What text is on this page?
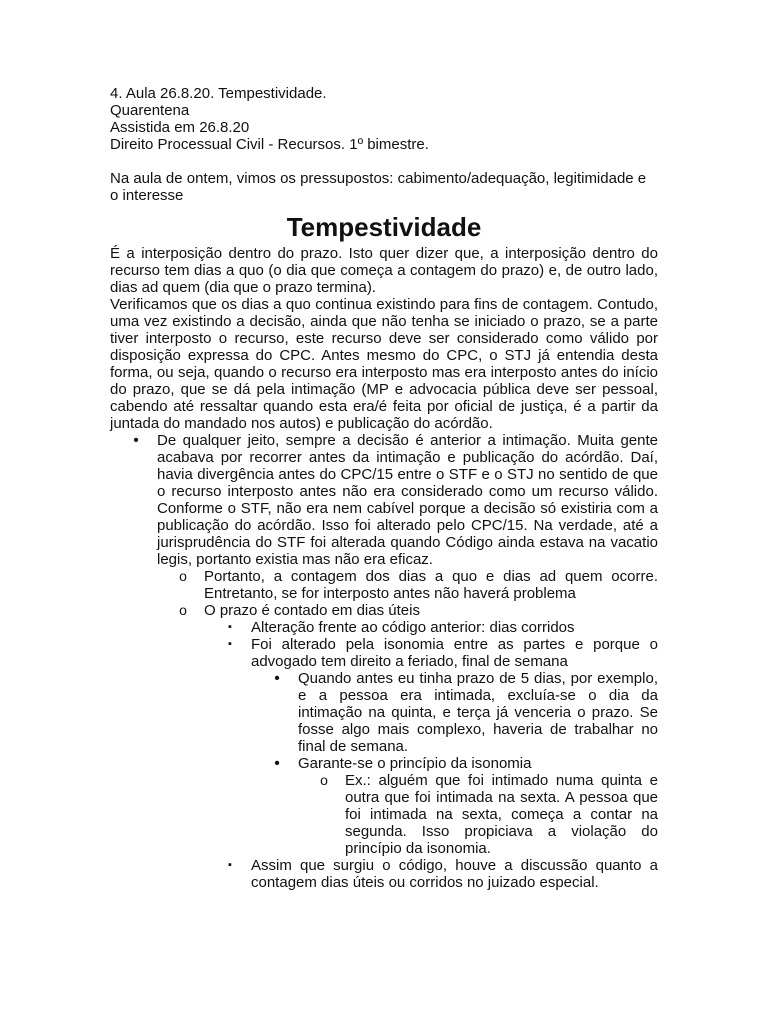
4. Aula 26.8.20. Tempestividade.

Quarentena

Assistida em 26.8.20

Direito Processual Civil - Recursos. 1º bimestre.

Na aula de ontem, vimos os pressupostos: cabimento/adequação, legitimidade e o interesse

Tempestividade

É a interposição dentro do prazo. Isto quer dizer que, a interposição dentro do recurso tem dias a quo (o dia que começa a contagem do prazo) e, de outro lado, dias ad quem (dia que o prazo termina).

Verificamos que os dias a quo continua existindo para fins de contagem. Contudo, uma vez existindo a decisão, ainda que não tenha se iniciado o prazo, se a parte tiver interposto o recurso, este recurso deve ser considerado como válido por disposição expressa do CPC. Antes mesmo do CPC, o STJ já entendia desta forma, ou seja, quando o recurso era interposto mas era interposto antes do início do prazo, que se dá pela intimação (MP e advocacia pública deve ser pessoal, cabendo até ressaltar quando esta era/é feita por oficial de justiça, é a partir da juntada do mandado nos autos) e publicação do acórdão.

•	De qualquer jeito, sempre a decisão é anterior a intimação. Muita gente acabava por recorrer antes da intimação e publicação do acórdão. Daí, havia divergência antes do CPC/15 entre o STF e o STJ no sentido de que o recurso interposto antes não era considerado como um recurso válido. Conforme o STF, não era nem cabível porque a decisão só existiria com a publicação do acórdão. Isso foi alterado pelo CPC/15. Na verdade, até a jurisprudência do STF foi alterada quando Código ainda estava na vacatio legis, portanto existia mas não era eficaz.
o	Portanto, a contagem dos dias a quo e dias ad quem ocorre. Entretanto, se for interposto antes não haverá problema
o	O prazo é contado em dias úteis
▪	Alteração frente ao código anterior: dias corridos
▪	Foi alterado pela isonomia entre as partes e porque o advogado tem direito a feriado, final de semana
•	Quando antes eu tinha prazo de 5 dias, por exemplo, e a pessoa era intimada, excluía-se o dia da intimação na quinta, e terça já venceria o prazo. Se fosse algo mais complexo, haveria de trabalhar no final de semana.
•	Garante-se o princípio da isonomia
o	Ex.: alguém que foi intimado numa quinta e outra que foi intimada na sexta. A pessoa que foi intimada na sexta, começa a contar na segunda. Isso propiciava a violação do princípio da isonomia.
▪	Assim que surgiu o código, houve a discussão quanto a contagem dias úteis ou corridos no juizado especial.
